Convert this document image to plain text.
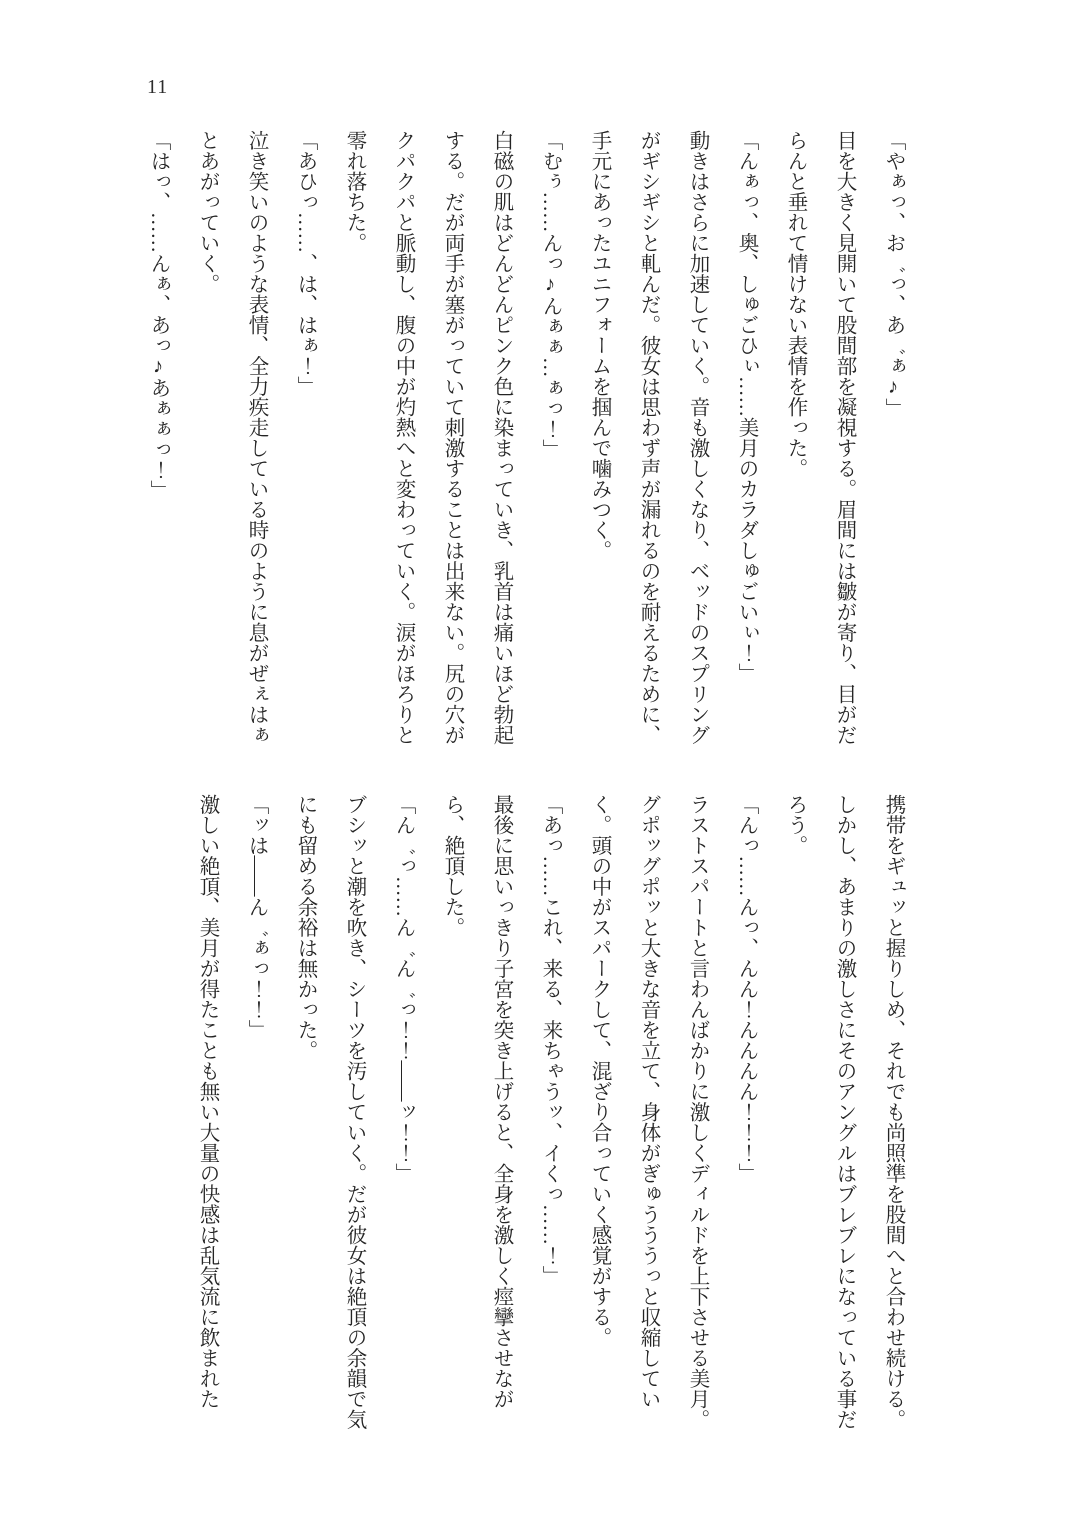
11

「やぁっ、お゛っ、あ゛ぁ♪」

目を大きく見開いて股間部を凝視する。眉間には皺が寄り、目がだらんと垂れて情けない表情を作った。

「んぁっ、奥、しゅごひぃ……美月のカラダしゅごいぃ！」

動きはさらに加速していく。音も激しくなり、ベッドのスプリングがギシギシと軋んだ。彼女は思わず声が漏れるのを耐えるために、手元にあったユニフォームを掴んで噛みつく。

「むぅ……んっ♪んぁぁ…ぁっ！」

白磁の肌はどんどんピンク色に染まっていき、乳首は痛いほど勃起する。だが両手が塞がっていて刺激することは出来ない。尻の穴がクパクパと脈動し、腹の中が灼熱へと変わっていく。涙がほろりと零れ落ちた。

「あひっ……、は、はぁ！」

泣き笑いのような表情、全力疾走している時のように息がぜぇはぁとあがっていく。

「はっ、……んぁ、あっ♪あぁぁっ！」

携帯をギュッと握りしめ、それでも尚照準を股間へと合わせ続ける。しかし、あまりの激しさにそのアングルはブレブレになっている事だろう。

「んっ……んっ、んん！んんんん！！！」

ラストスパートと言わんばかりに激しくディルドを上下させる美月。グポッグポッと大きな音を立て、身体がぎゅうううっと収縮していく。頭の中がスパークして、混ざり合っていく感覚がする。

「あっ……これ、来る、来ちゃうッ、イくっ……！」

最後に思いっきり子宮を突き上げると、全身を激しく痙攣させながら、絶頂した。

「ん゛っ……ん゛ん゛っ！！――ッ！！」

ブシッと潮を吹き、シーツを汚していく。だが彼女は絶頂の余韻で気にも留める余裕は無かった。

「ッは――ん゛ぁっ！！」

激しい絶頂、美月が得たことも無い大量の快感は乱気流に飲まれた
